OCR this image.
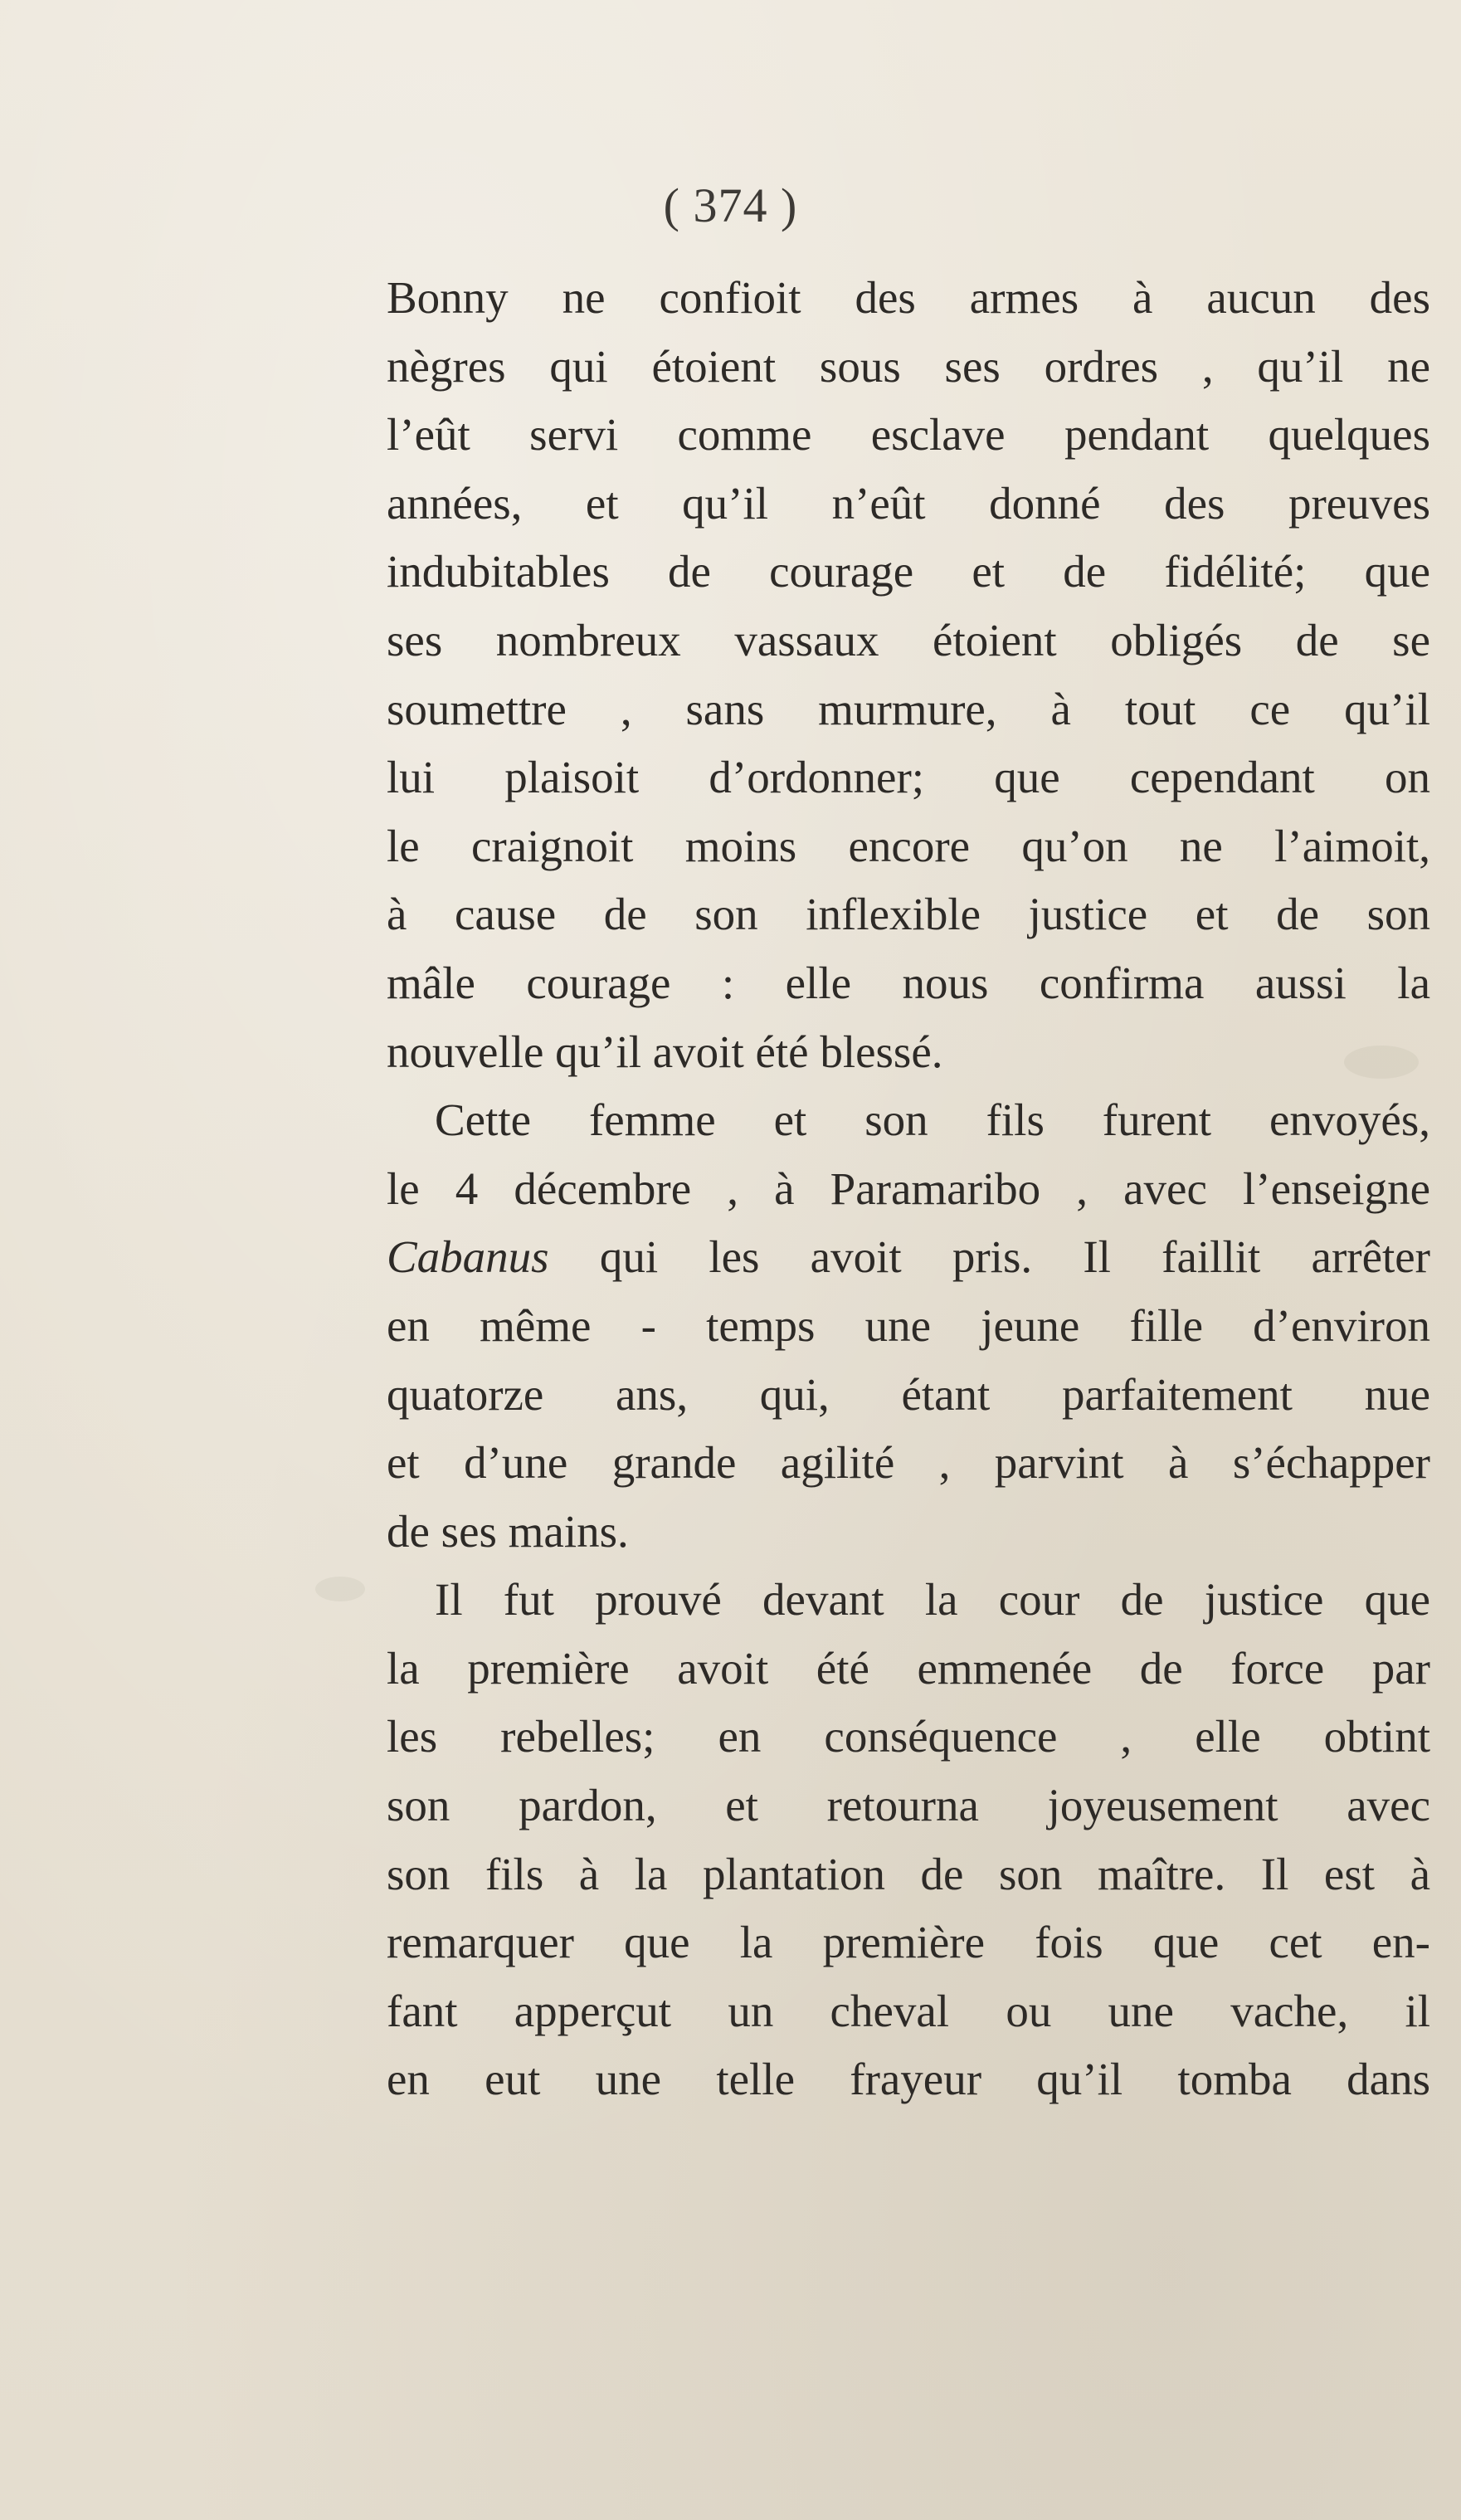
( 374 )
Bonny ne confioit des armes à aucun des
nègres qui étoient sous ses ordres , qu’il ne
l’eût servi comme esclave pendant quelques
années, et qu’il n’eût donné des preuves
indubitables de courage et de fidélité; que
ses nombreux vassaux étoient obligés de se
soumettre , sans murmure, à tout ce qu’il
lui plaisoit d’ordonner; que cependant on
le craignoit moins encore qu’on ne l’aimoit,
à cause de son inflexible justice et de son
mâle courage : elle nous confirma aussi la
nouvelle qu’il avoit été blessé.
Cette femme et son fils furent envoyés,
le 4 décembre , à Paramaribo , avec l’enseigne
Cabanus qui les avoit pris. Il faillit arrêter
en même - temps une jeune fille d’environ
quatorze ans, qui, étant parfaitement nue
et d’une grande agilité , parvint à s’échapper
de ses mains.
Il fut prouvé devant la cour de justice que
la première avoit été emmenée de force par
les rebelles; en conséquence , elle obtint
son pardon, et retourna joyeusement avec
son fils à la plantation de son maître. Il est à
remarquer que la première fois que cet en-
fant apperçut un cheval ou une vache, il
en eut une telle frayeur qu’il tomba dans
